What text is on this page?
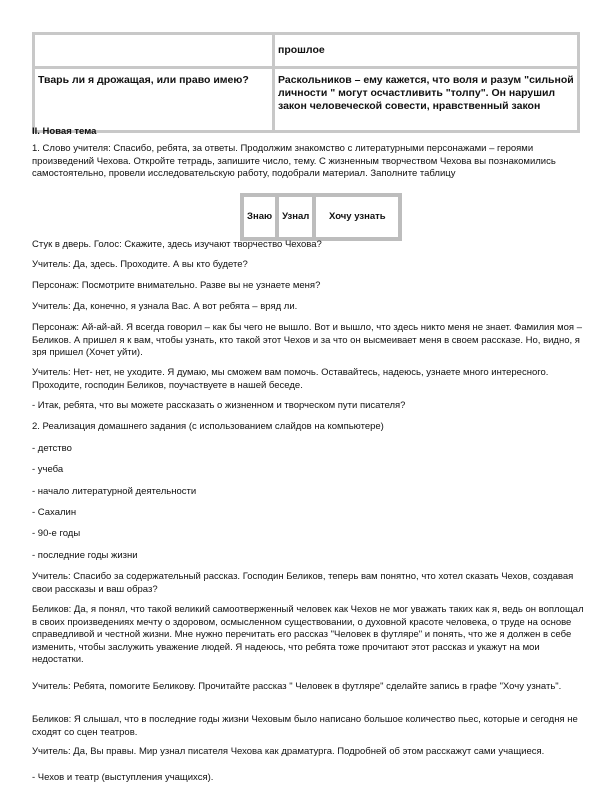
	прошлое
Тварь ли я дрожащая, или право имею?	Раскольников – ему кажется, что воля и разум "сильной личности " могут осчастливить "толпу". Он нарушил закон человеческой совести, нравственный закон
II. Новая тема

1. Слово учителя: Спасибо, ребята, за ответы. Продолжим знакомство с литературными персонажами – героями произведений Чехова. Откройте тетрадь, запишите число, тему. С жизненным творчеством Чехова вы познакомились самостоятельно, провели исследовательскую работу, подобрали материал. Заполните таблицу

Знаю	Узнал	Хочу узнать

Стук в дверь. Голос: Скажите, здесь изучают творчество Чехова?

Учитель: Да, здесь. Проходите. А вы кто будете?

Персонаж: Посмотрите внимательно. Разве вы не узнаете меня?

Учитель: Да, конечно, я узнала Вас. А вот ребята – вряд ли.

Персонаж: Ай-ай-ай. Я всегда говорил – как бы чего не вышло. Вот и вышло, что здесь никто меня не знает. Фамилия моя – Беликов. А пришел я к вам, чтобы узнать, кто такой этот Чехов и за что он высмеивает меня в своем рассказе. Но, видно, я зря пришел (Хочет уйти).

Учитель: Нет- нет, не уходите. Я думаю, мы сможем вам помочь. Оставайтесь, надеюсь, узнаете много интересного. Проходите, господин Беликов, поучаствуете в нашей беседе.

- Итак, ребята, что вы можете рассказать о жизненном и творческом пути писателя?

2. Реализация домашнего задания (с использованием слайдов на компьютере)

- детство

- учеба

- начало литературной деятельности

- Сахалин

- 90-е годы

- последние годы жизни

Учитель: Спасибо за содержательный рассказ. Господин Беликов, теперь вам понятно, что хотел сказать Чехов, создавая свои рассказы и ваш образ?

Беликов: Да, я понял, что такой великий самоотверженный человек как Чехов не мог уважать таких как я, ведь он воплощал в своих произведениях мечту о здоровом, осмысленном существовании, о духовной красоте человека, о труде на основе справедливой и честной жизни. Мне нужно перечитать его рассказ "Человек в футляре" и понять, что же я должен в себе изменить, чтобы заслужить уважение людей. Я надеюсь, что ребята тоже прочитают этот рассказ и укажут на мои недостатки.

Учитель: Ребята, помогите Беликову. Прочитайте рассказ " Человек в футляре" сделайте запись в графе "Хочу узнать".

Беликов: Я слышал, что в последние годы жизни Чеховым было написано большое количество пьес, которые и сегодня не сходят со сцен театров.

Учитель: Да, Вы правы. Мир узнал писателя Чехова как драматурга. Подробней об этом расскажут сами учащиеся.

- Чехов и театр (выступления учащихся).
